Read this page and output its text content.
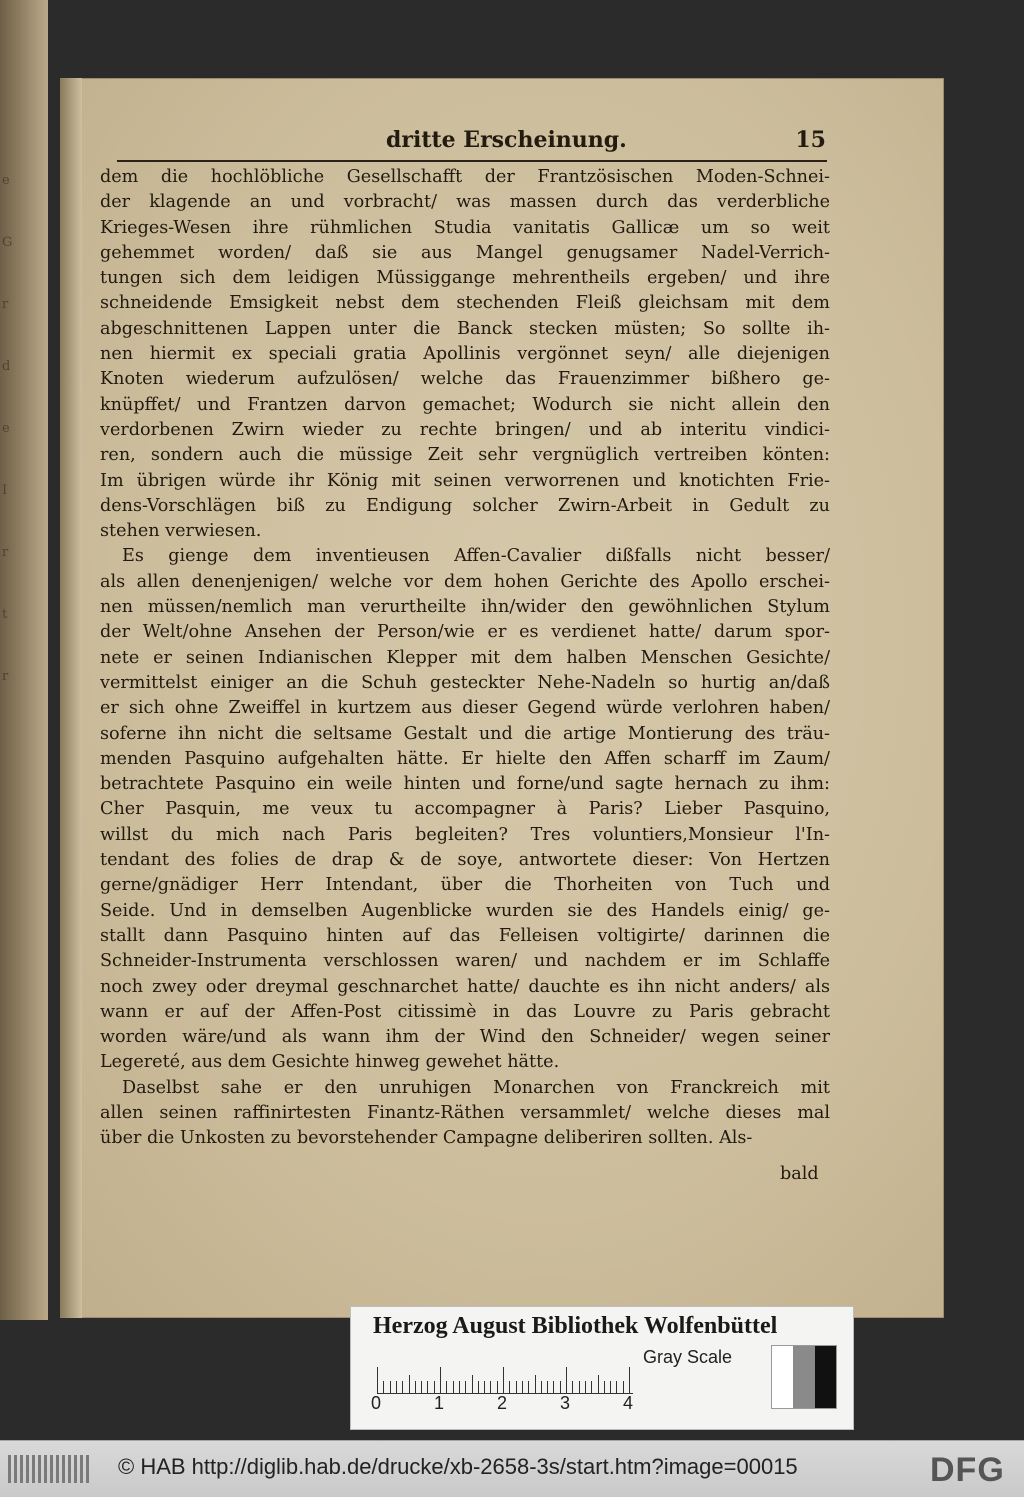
e
G
r
d
e
I
r
t
r
dritte Erscheinung.	15
dem die hochlöbliche Gesellschafft der Frantzösischen Moden-Schnei-
der klagende an und vorbracht/ was massen durch das verderbliche
Krieges-Wesen ihre rühmlichen Studia vanitatis Gallicæ um so weit
gehemmet worden/ daß sie aus Mangel genugsamer Nadel-Verrich-
tungen sich dem leidigen Müssiggange mehrentheils ergeben/ und ihre
schneidende Emsigkeit nebst dem stechenden Fleiß gleichsam mit dem
abgeschnittenen Lappen unter die Banck stecken müsten; So sollte ih-
nen hiermit ex speciali gratia Apollinis vergönnet seyn/ alle diejenigen
Knoten wiederum aufzulösen/ welche das Frauenzimmer bißhero ge-
knüpffet/ und Frantzen darvon gemachet; Wodurch sie nicht allein den
verdorbenen Zwirn wieder zu rechte bringen/ und ab interitu vindici-
ren, sondern auch die müssige Zeit sehr vergnüglich vertreiben könten:
Im übrigen würde ihr König mit seinen verworrenen und knotichten Frie-
dens-Vorschlägen biß zu Endigung solcher Zwirn-Arbeit in Gedult zu
stehen verwiesen.
Es gienge dem inventieusen Affen-Cavalier dißfalls nicht besser/
als allen denenjenigen/ welche vor dem hohen Gerichte des Apollo erschei-
nen müssen/nemlich man verurtheilte ihn/wider den gewöhnlichen Stylum
der Welt/ohne Ansehen der Person/wie er es verdienet hatte/ darum spor-
nete er seinen Indianischen Klepper mit dem halben Menschen Gesichte/
vermittelst einiger an die Schuh gesteckter Nehe-Nadeln so hurtig an/daß
er sich ohne Zweiffel in kurtzem aus dieser Gegend würde verlohren haben/
soferne ihn nicht die seltsame Gestalt und die artige Montierung des träu-
menden Pasquino aufgehalten hätte. Er hielte den Affen scharff im Zaum/
betrachtete Pasquino ein weile hinten und forne/und sagte hernach zu ihm:
Cher Pasquin, me veux tu accompagner à Paris? Lieber Pasquino,
willst du mich nach Paris begleiten? Tres voluntiers,Monsieur l'In-
tendant des folies de drap & de soye, antwortete dieser: Von Hertzen
gerne/gnädiger Herr Intendant, über die Thorheiten von Tuch und
Seide. Und in demselben Augenblicke wurden sie des Handels einig/ ge-
stallt dann Pasquino hinten auf das Felleisen voltigirte/ darinnen die
Schneider-Instrumenta verschlossen waren/ und nachdem er im Schlaffe
noch zwey oder dreymal geschnarchet hatte/ dauchte es ihn nicht anders/ als
wann er auf der Affen-Post citissimè in das Louvre zu Paris gebracht
worden wäre/und als wann ihm der Wind den Schneider/ wegen seiner
Legereté, aus dem Gesichte hinweg gewehet hätte.
Daselbst sahe er den unruhigen Monarchen von Franckreich mit
allen seinen raffinirtesten Finantz-Räthen versammlet/ welche dieses mal
über die Unkosten zu bevorstehender Campagne deliberiren sollten. Als-
bald
Herzog August Bibliothek Wolfenbüttel
0	1	2	3	4
Gray Scale
© HAB http://diglib.hab.de/drucke/xb-2658-3s/start.htm?image=00015	DFG
